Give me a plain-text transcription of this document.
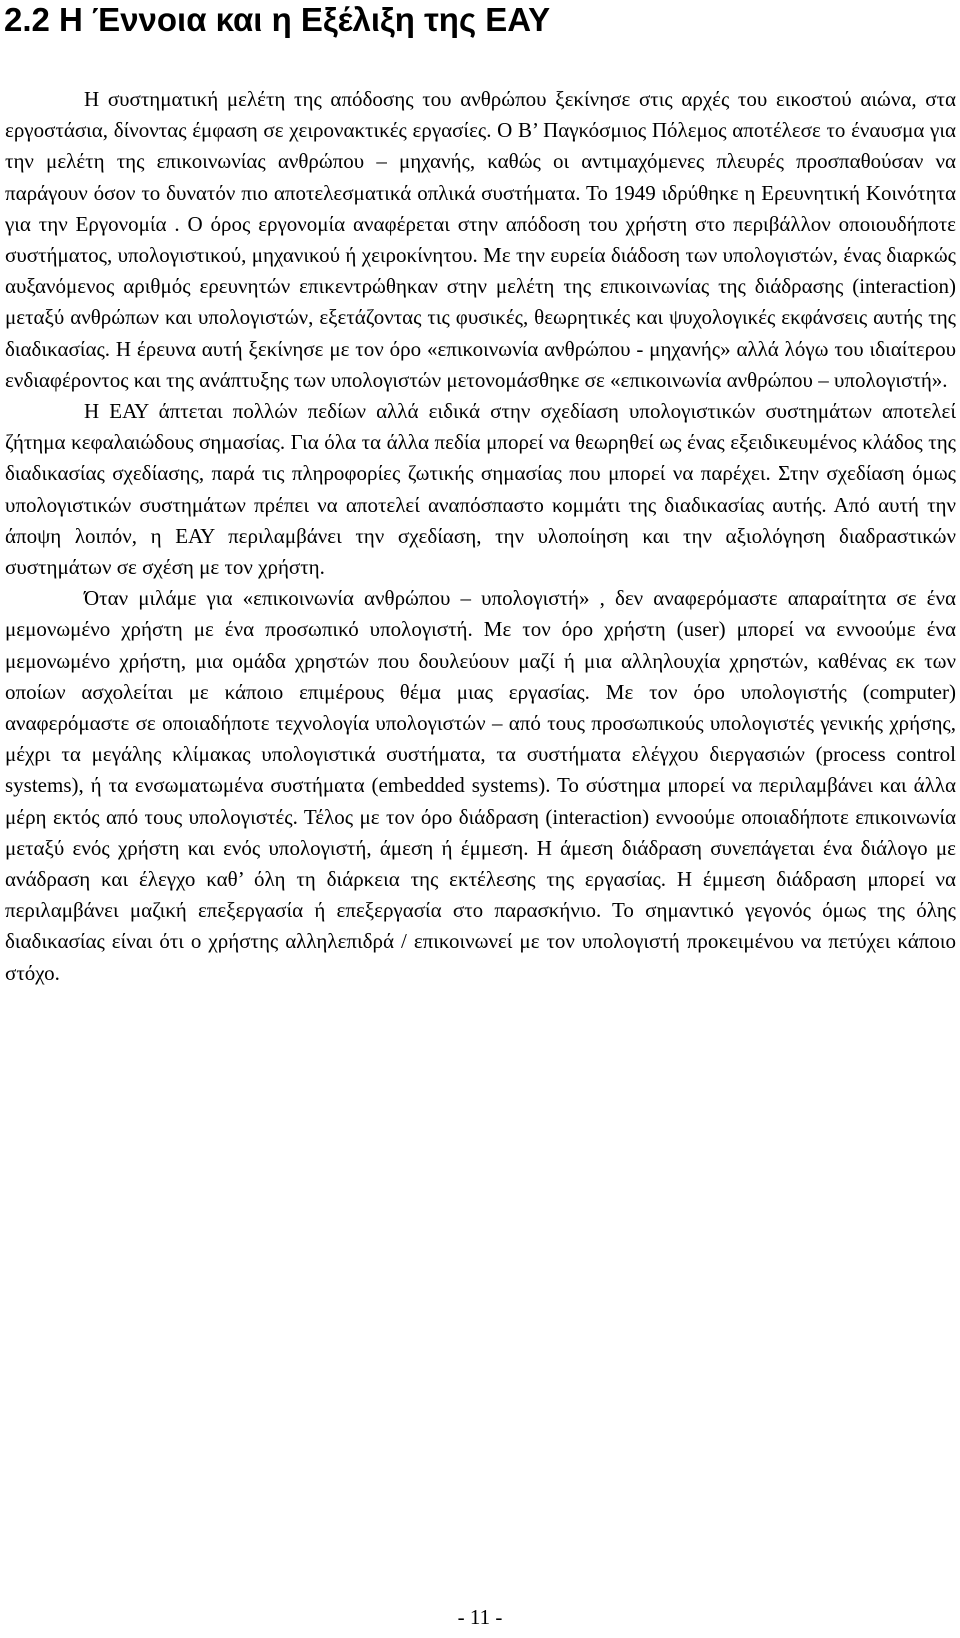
2.2 Η Έννοια και η Εξέλιξη της ΕΑΥ

Η συστηματική μελέτη της απόδοσης του ανθρώπου ξεκίνησε στις αρχές του εικοστού αιώνα, στα εργοστάσια, δίνοντας έμφαση σε χειρονακτικές εργασίες. Ο Β’ Παγκόσμιος Πόλεμος αποτέλεσε το έναυσμα για την μελέτη της επικοινωνίας ανθρώπου – μηχανής, καθώς οι αντιμαχόμενες πλευρές προσπαθούσαν να παράγουν όσον το δυνατόν πιο αποτελεσματικά οπλικά συστήματα. Το 1949 ιδρύθηκε η Ερευνητική Κοινότητα για την Εργονομία . Ο όρος εργονομία αναφέρεται στην απόδοση του χρήστη στο περιβάλλον οποιουδήποτε συστήματος, υπολογιστικού, μηχανικού ή χειροκίνητου. Με την ευρεία διάδοση των υπολογιστών, ένας διαρκώς αυξανόμενος αριθμός ερευνητών επικεντρώθηκαν στην μελέτη της επικοινωνίας της διάδρασης (interaction) μεταξύ ανθρώπων και υπολογιστών, εξετάζοντας τις φυσικές, θεωρητικές και ψυχολογικές εκφάνσεις αυτής της διαδικασίας. Η έρευνα αυτή ξεκίνησε με τον όρο «επικοινωνία ανθρώπου - μηχανής» αλλά λόγω του ιδιαίτερου ενδιαφέροντος και της ανάπτυξης των υπολογιστών μετονομάσθηκε σε «επικοινωνία ανθρώπου – υπολογιστή».

Η ΕΑΥ άπτεται πολλών πεδίων αλλά ειδικά στην σχεδίαση υπολογιστικών συστημάτων αποτελεί ζήτημα κεφαλαιώδους σημασίας. Για όλα τα άλλα πεδία μπορεί να θεωρηθεί ως ένας εξειδικευμένος κλάδος της διαδικασίας σχεδίασης, παρά τις πληροφορίες ζωτικής σημασίας που μπορεί να παρέχει. Στην σχεδίαση όμως υπολογιστικών συστημάτων πρέπει να αποτελεί αναπόσπαστο κομμάτι της διαδικασίας αυτής. Από αυτή την άποψη λοιπόν, η ΕΑΥ περιλαμβάνει την σχεδίαση, την υλοποίηση και την αξιολόγηση διαδραστικών συστημάτων σε σχέση με τον χρήστη.

Όταν μιλάμε για «επικοινωνία ανθρώπου – υπολογιστή» , δεν αναφερόμαστε απαραίτητα σε ένα μεμονωμένο χρήστη με ένα προσωπικό υπολογιστή. Με τον όρο χρήστη (user) μπορεί να εννοούμε ένα μεμονωμένο χρήστη, μια ομάδα χρηστών που δουλεύουν μαζί ή μια αλληλουχία χρηστών, καθένας εκ των οποίων ασχολείται με κάποιο επιμέρους θέμα μιας εργασίας. Με τον όρο υπολογιστής (computer) αναφερόμαστε σε οποιαδήποτε τεχνολογία υπολογιστών – από τους προσωπικούς υπολογιστές γενικής χρήσης, μέχρι τα μεγάλης κλίμακας υπολογιστικά συστήματα, τα συστήματα ελέγχου διεργασιών (process control systems), ή τα ενσωματωμένα συστήματα (embedded systems). Το σύστημα μπορεί να περιλαμβάνει και άλλα μέρη εκτός από τους υπολογιστές. Τέλος με τον όρο διάδραση (interaction) εννοούμε οποιαδήποτε επικοινωνία μεταξύ ενός χρήστη και ενός υπολογιστή, άμεση ή έμμεση. Η άμεση διάδραση συνεπάγεται ένα διάλογο με ανάδραση και έλεγχο καθ’ όλη τη διάρκεια της εκτέλεσης της εργασίας. Η έμμεση διάδραση μπορεί να περιλαμβάνει μαζική επεξεργασία ή επεξεργασία στο παρασκήνιο. Το σημαντικό γεγονός όμως της όλης διαδικασίας είναι ότι ο χρήστης αλληλεπιδρά / επικοινωνεί με τον υπολογιστή προκειμένου να πετύχει κάποιο στόχο.

- 11 -
